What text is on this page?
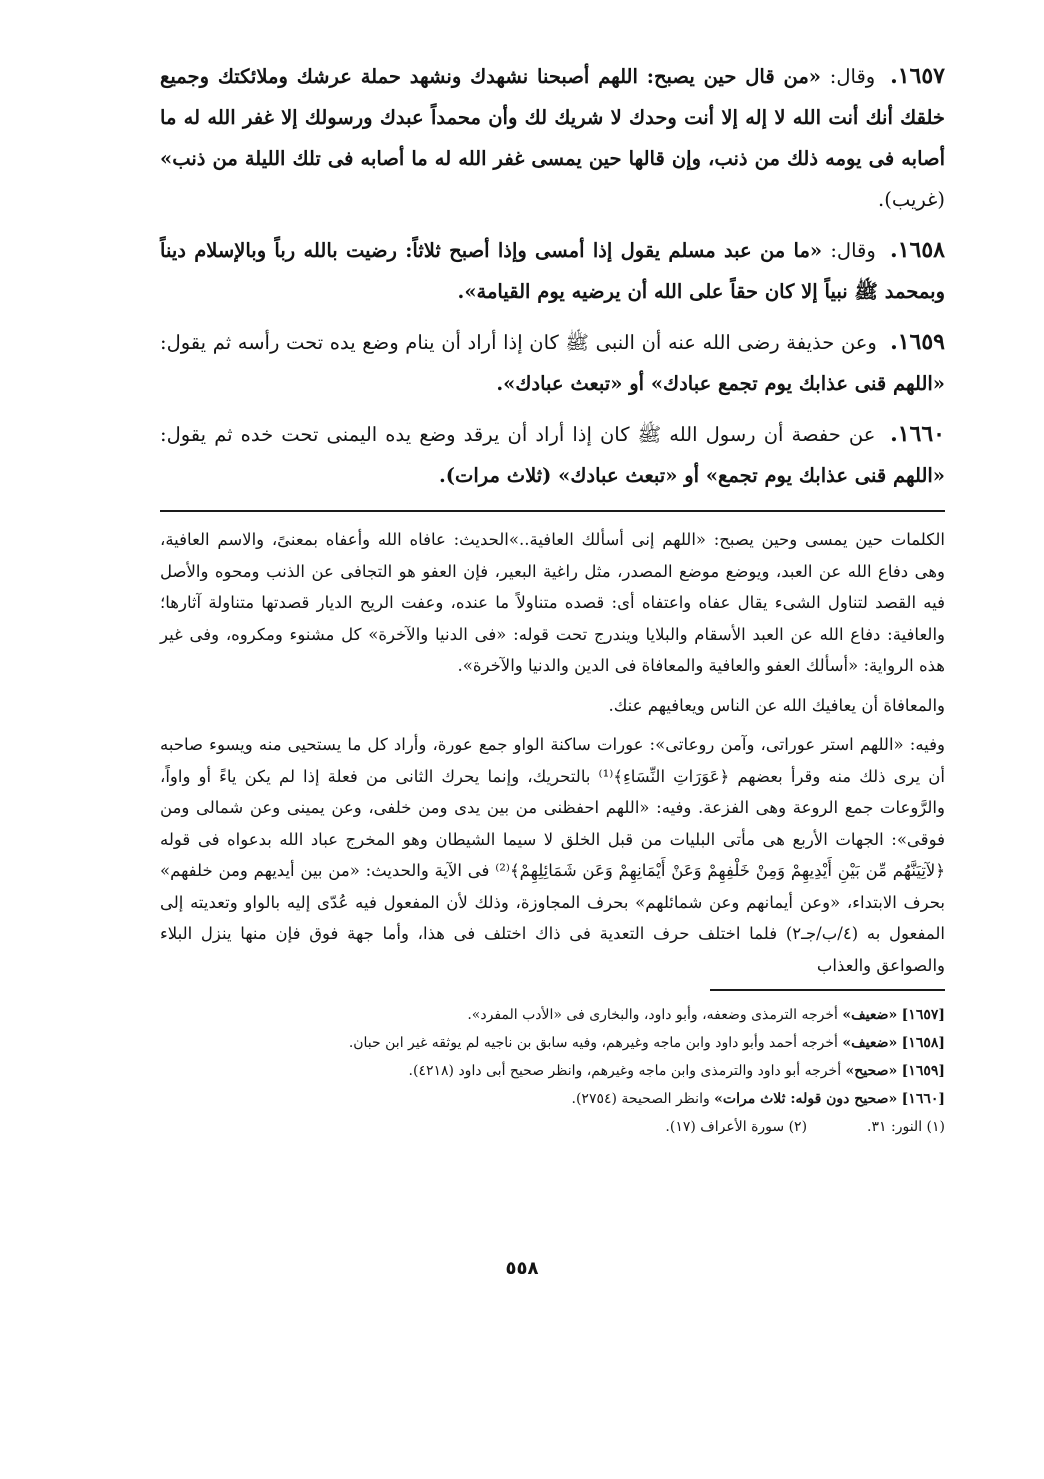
١٦٥٧. وقال: «من قال حين يصبح: اللهم أصبحنا نشهدك ونشهد حملة عرشك وملائكتك وجميع خلقك أنك أنت الله لا إله إلا أنت وحدك لا شريك لك وأن محمداً عبدك ورسولك إلا غفر الله له ما أصابه فى يومه ذلك من ذنب، وإن قالها حين يمسى غفر الله له ما أصابه فى تلك الليلة من ذنب» (غريب).

١٦٥٨. وقال: «ما من عبد مسلم يقول إذا أمسى وإذا أصبح ثلاثاً: رضيت بالله رباً وبالإسلام ديناً وبمحمد ﷺ نبياً إلا كان حقاً على الله أن يرضيه يوم القيامة».

١٦٥٩. وعن حذيفة رضى الله عنه أن النبى ﷺ كان إذا أراد أن ينام وضع يده تحت رأسه ثم يقول: «اللهم قنى عذابك يوم تجمع عبادك» أو «تبعث عبادك».

١٦٦٠. عن حفصة أن رسول الله ﷺ كان إذا أراد أن يرقد وضع يده اليمنى تحت خده ثم يقول: «اللهم قنى عذابك يوم تجمع» أو «تبعث عبادك» (ثلاث مرات).

الكلمات حين يمسى وحين يصبح: «اللهم إنى أسألك العافية..»الحديث: عافاه الله وأعفاه بمعنىً، والاسم العافية، وهى دفاع الله عن العبد، ويوضع موضع المصدر، مثل راغية البعير، فإن العفو هو التجافى عن الذنب ومحوه والأصل فيه القصد لتناول الشىء يقال عفاه واعتفاه أى: قصده متناولاً ما عنده، وعفت الريح الديار قصدتها متناولة آثارها؛ والعافية: دفاع الله عن العبد الأسقام والبلايا ويندرج تحت قوله: «فى الدنيا والآخرة» كل مشنوء ومكروه، وفى غير هذه الرواية: «أسألك العفو والعافية والمعافاة فى الدين والدنيا والآخرة».

والمعافاة أن يعافيك الله عن الناس ويعافيهم عنك.

وفيه: «اللهم استر عوراتى، وآمن روعاتى»: عورات ساكنة الواو جمع عورة، وأراد كل ما يستحيى منه ويسوء صاحبه أن يرى ذلك منه وقرأ بعضهم ﴿عَوَرَاتِ النِّسَاءِ﴾⁽¹⁾ بالتحريك، وإنما يحرك الثانى من فعلة إذا لم يكن ياءً أو واواً، والرَّوعات جمع الروعة وهى الفزعة. وفيه: «اللهم احفظنى من بين يدى ومن خلفى، وعن يمينى وعن شمالى ومن فوقى»: الجهات الأربع هى مأتى البليات من قبل الخلق لا سيما الشيطان وهو المخرج عباد الله بدعواه فى قوله ﴿لآتِيَنَّهُم مِّن بَيْنِ أَيْدِيهِمْ وَمِنْ خَلْفِهِمْ وَعَنْ أَيْمَانِهِمْ وَعَن شَمَائِلِهِمْ﴾⁽²⁾ فى الآية والحديث: «من بين أيديهم ومن خلفهم» بحرف الابتداء، «وعن أيمانهم وعن شمائلهم» بحرف المجاوزة، وذلك لأن المفعول فيه عُدّى إليه بالواو وتعديته إلى المفعول به (٤/ب/جـ٢) فلما اختلف حرف التعدية فى ذاك اختلف فى هذا، وأما جهة فوق فإن منها ينزل البلاء والصواعق والعذاب

[١٦٥٧] «ضعيف» أخرجه الترمذى وضعفه، وأبو داود، والبخارى فى «الأدب المفرد».

[١٦٥٨] «ضعيف» أخرجه أحمد وأبو داود وابن ماجه وغيرهم، وفيه سابق بن ناجيه لم يوثقه غير ابن حبان.

[١٦٥٩] «صحيح» أخرجه أبو داود والترمذى وابن ماجه وغيرهم، وانظر صحيح أبى داود (٤٢١٨).

[١٦٦٠] «صحيح دون قوله: ثلاث مرات» وانظر الصحيحة (٢٧٥٤).

(١) النور: ٣١.
(٢) سورة الأعراف (١٧).
٥٥٨
